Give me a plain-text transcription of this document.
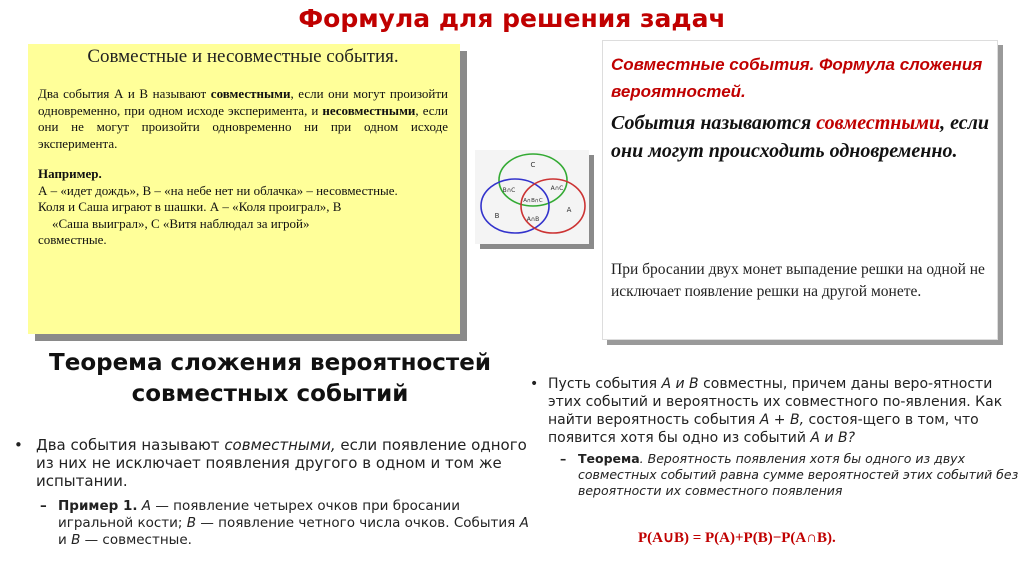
Формула для решения задач
Совместные и несовместные события.

Два события А и В называют совместными, если они могут произойти одновременно, при одном исходе эксперимента, и несовместными, если они не могут произойти одновременно ни при одном исходе эксперимента.

Например.

А – «идет дождь», В – «на небе нет ни облачка» – несовместные.

Коля и Саша играют в шашки. А – «Коля проиграл», В

«Саша выиграл», С «Витя наблюдал за игрой»

совместные.

C
B∩C	A∩C
A∩B∩C
B
A
A∩B
Совместные события. Формула сложения вероятностей.
События называются совместными, если они могут происходить одновременно.
При бросании двух монет выпадение решки на одной не исключает появление решки на другой монете.
Теорема сложения вероятностей
совместных событий
• Два события называют совместными, если появление одного из них не исключает появления другого в одном и том же испытании.
– Пример 1. А — появление четырех очков при бросании игральной кости; В — появление четного числа очков. События А и В — совместные.
• Пусть события А и В совместны, причем даны веро-ятности этих событий и вероятность их совместного по-явления. Как найти вероятность события А + В, состоя-щего в том, что появится хотя бы одно из событий А и В?
– Теорема. Вероятность появления хотя бы одного из двух совместных событий равна сумме вероятностей этих событий без вероятности их совместного появления
P(A∪B) = P(A)+P(B)−P(A∩B).
